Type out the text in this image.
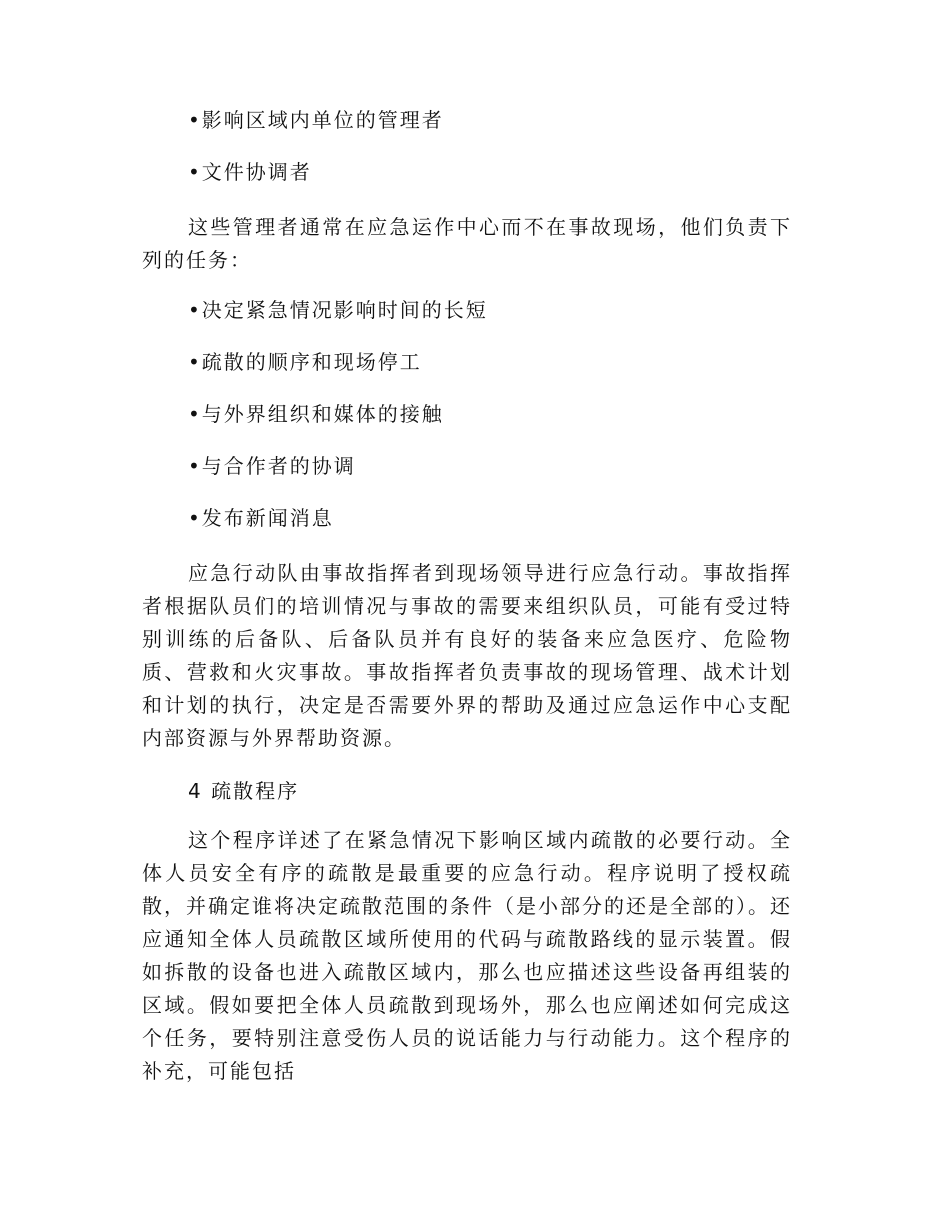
•影响区域内单位的管理者
•文件协调者

这些管理者通常在应急运作中心而不在事故现场，他们负责下列的任务：

•决定紧急情况影响时间的长短
•疏散的顺序和现场停工
•与外界组织和媒体的接触
•与合作者的协调
•发布新闻消息

应急行动队由事故指挥者到现场领导进行应急行动。事故指挥者根据队员们的培训情况与事故的需要来组织队员，可能有受过特别训练的后备队、后备队员并有良好的装备来应急医疗、危险物质、营救和火灾事故。事故指挥者负责事故的现场管理、战术计划和计划的执行，决定是否需要外界的帮助及通过应急运作中心支配内部资源与外界帮助资源。

4 疏散程序

这个程序详述了在紧急情况下影响区域内疏散的必要行动。全体人员安全有序的疏散是最重要的应急行动。程序说明了授权疏散，并确定谁将决定疏散范围的条件（是小部分的还是全部的）。还应通知全体人员疏散区域所使用的代码与疏散路线的显示装置。假如拆散的设备也进入疏散区域内，那么也应描述这些设备再组装的区域。假如要把全体人员疏散到现场外，那么也应阐述如何完成这个任务，要特别注意受伤人员的说话能力与行动能力。这个程序的补充，可能包括
